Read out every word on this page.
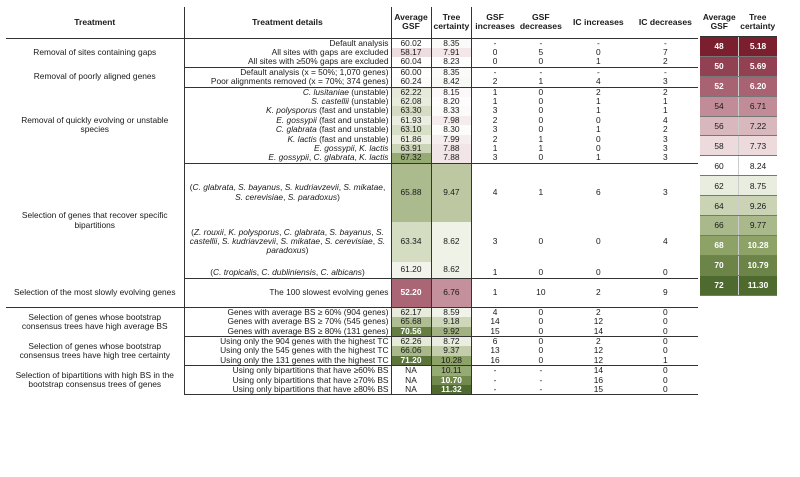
Treatment	Treatment details	Average GSF	Tree certainty	GSF increases	GSF decreases	IC increases	IC decreases
Removal of sites containing gaps	Default analysis	60.02	8.35	-	-	-	-
	All sites with gaps are excluded	58.17	7.91	0	5	0	7
	All sites with ≥50% gaps are excluded	60.04	8.23	0	0	1	2
Removal of poorly aligned genes	Default analysis (x = 50%; 1,070 genes)	60.00	8.35	-	-	-	-
	Poor alignments removed (x = 70%; 374 genes)	60.24	8.42	2	1	4	3
Removal of quickly evolving or unstable species	C. lusitaniae (unstable)	62.22	8.15	1	0	2	2
	S. castellii (unstable)	62.08	8.20	1	0	1	1
	K. polysporus (fast and unstable)	63.30	8.33	3	0	1	1
	E. gossypii (fast and unstable)	61.93	7.98	2	0	0	4
	C. glabrata (fast and unstable)	63.10	8.30	3	0	1	2
	K. lactis (fast and unstable)	61.86	7.99	2	1	0	3
	E. gossypii, K. lactis	63.91	7.88	1	1	0	3
	E. gossypii, C. glabrata, K. lactis	67.32	7.88	3	0	1	3
Selection of genes that recover specific bipartitions	(C. glabrata, S. bayanus, S. kudriavzevii, S. mikatae, S. cerevisiae, S. paradoxus)	65.88	9.47	4	1	6	3
	(Z. rouxii, K. polysporus, C. glabrata, S. bayanus, S. castellii, S. kudriavzevii, S. mikatae, S. cerevisiae, S. paradoxus)	63.34	8.62	3	0	0	4
	(C. tropicalis, C. dubliniensis, C. albicans)	61.20	8.62	1	0	0	0
Selection of the most slowly evolving genes	The 100 slowest evolving genes	52.20	6.76	1	10	2	9
Selection of genes whose bootstrap consensus trees have high average BS	Genes with average BS ≥ 60% (904 genes)	62.17	8.59	4	0	2	0
	Genes with average BS ≥ 70% (545 genes)	65.68	9.18	14	0	12	0
	Genes with average BS ≥ 80% (131 genes)	70.56	9.92	15	0	14	0
Selection of genes whose bootstrap consensus trees have high tree certainty	Using only the 904 genes with the highest TC	62.26	8.72	6	0	2	0
	Using only the 545 genes with the highest TC	66.06	9.37	13	0	12	0
	Using only the 131 genes with the highest TC	71.20	10.28	16	0	12	1
Selection of bipartitions with high BS in the bootstrap consensus trees of genes	Using only bipartitions that have ≥60% BS	NA	10.11	-	-	14	0
	Using only bipartitions that have ≥70% BS	NA	10.70	-	-	16	0
	Using only bipartitions that have ≥80% BS	NA	11.32	-	-	15	0
Average GSF
Tree certainty
48	5.18
50	5.69
52	6.20
54	6.71
56	7.22
58	7.73
60	8.24
62	8.75
64	9.26
66	9.77
68	10.28
70	10.79
72	11.30
